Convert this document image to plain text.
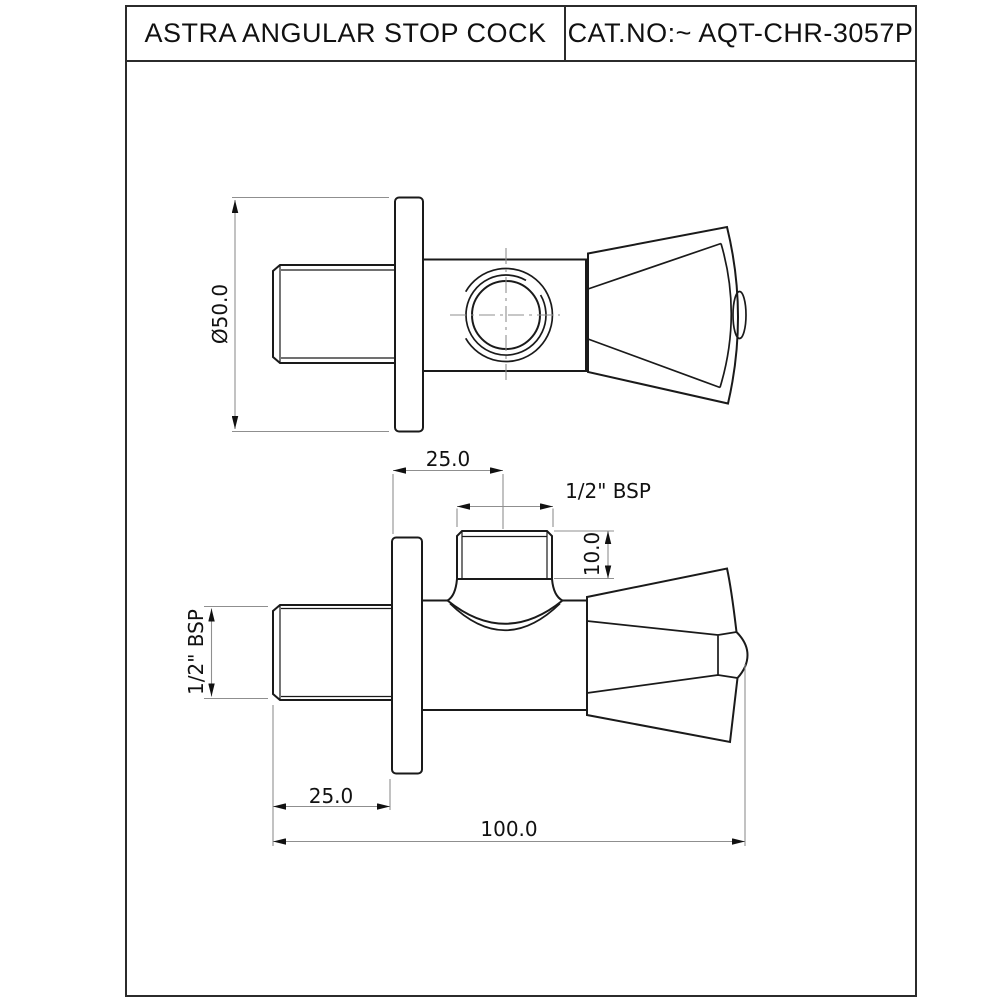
ASTRA ANGULAR STOP COCK CAT.NO:~ AQT-CHR-3057P
Ø50.0
25.0
1/2" BSP
10.0
1/2" BSP
25.0
100.0
